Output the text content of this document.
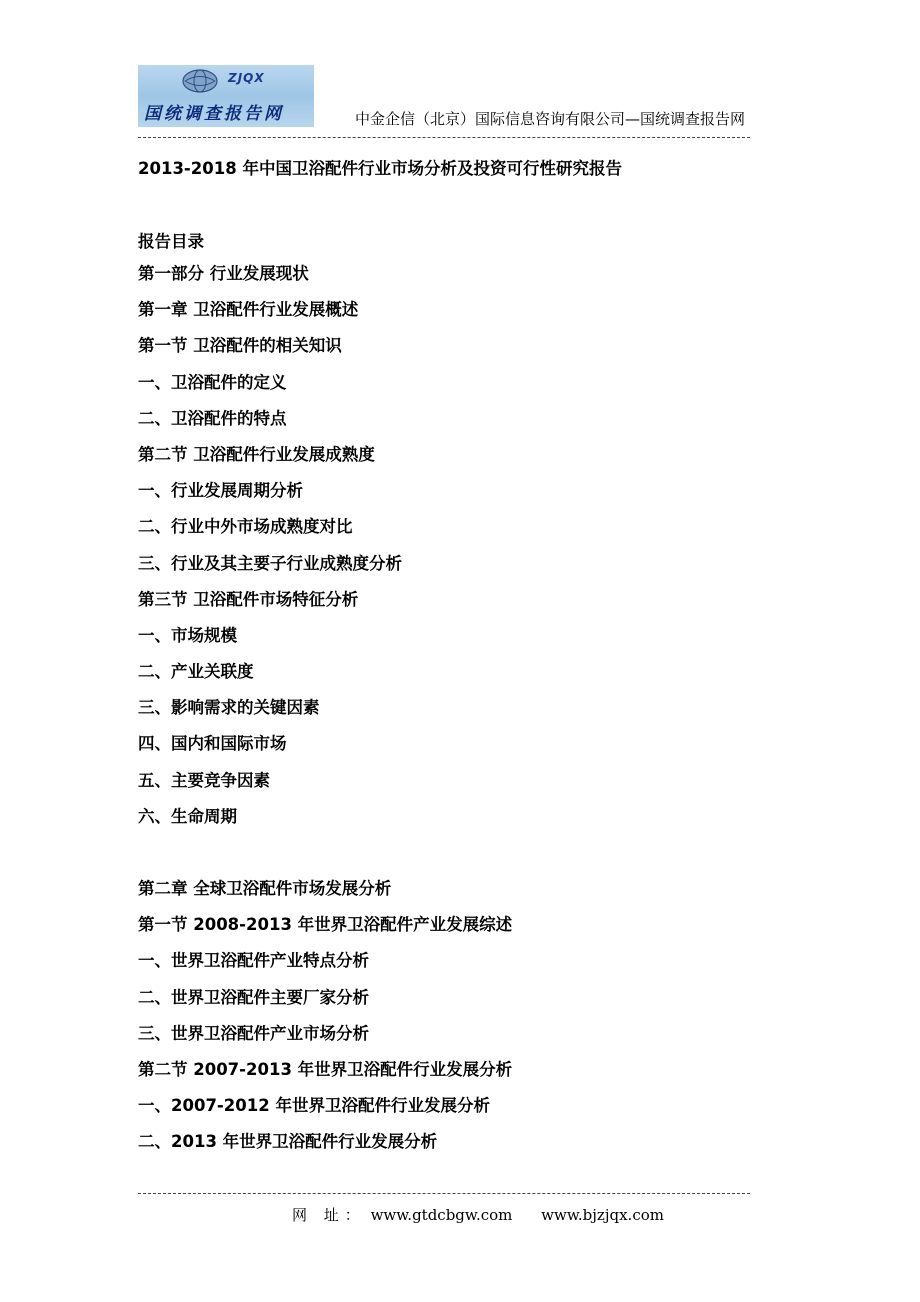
ZJQX
国统调查报告网	中金企信（北京）国际信息咨询有限公司—国统调查报告网
2013-2018 年中国卫浴配件行业市场分析及投资可行性研究报告
报告目录
第一部分 行业发展现状
第一章 卫浴配件行业发展概述
第一节 卫浴配件的相关知识
一、卫浴配件的定义
二、卫浴配件的特点
第二节 卫浴配件行业发展成熟度
一、行业发展周期分析
二、行业中外市场成熟度对比
三、行业及其主要子行业成熟度分析
第三节 卫浴配件市场特征分析
一、市场规模
二、产业关联度
三、影响需求的关键因素
四、国内和国际市场
五、主要竞争因素
六、生命周期
第二章 全球卫浴配件市场发展分析
第一节 2008-2013 年世界卫浴配件产业发展综述
一、世界卫浴配件产业特点分析
二、世界卫浴配件主要厂家分析
三、世界卫浴配件产业市场分析
第二节 2007-2013 年世界卫浴配件行业发展分析
一、2007-2012 年世界卫浴配件行业发展分析
二、2013 年世界卫浴配件行业发展分析
网 址： www.gtdcbgw.com www.bjzjqx.com
